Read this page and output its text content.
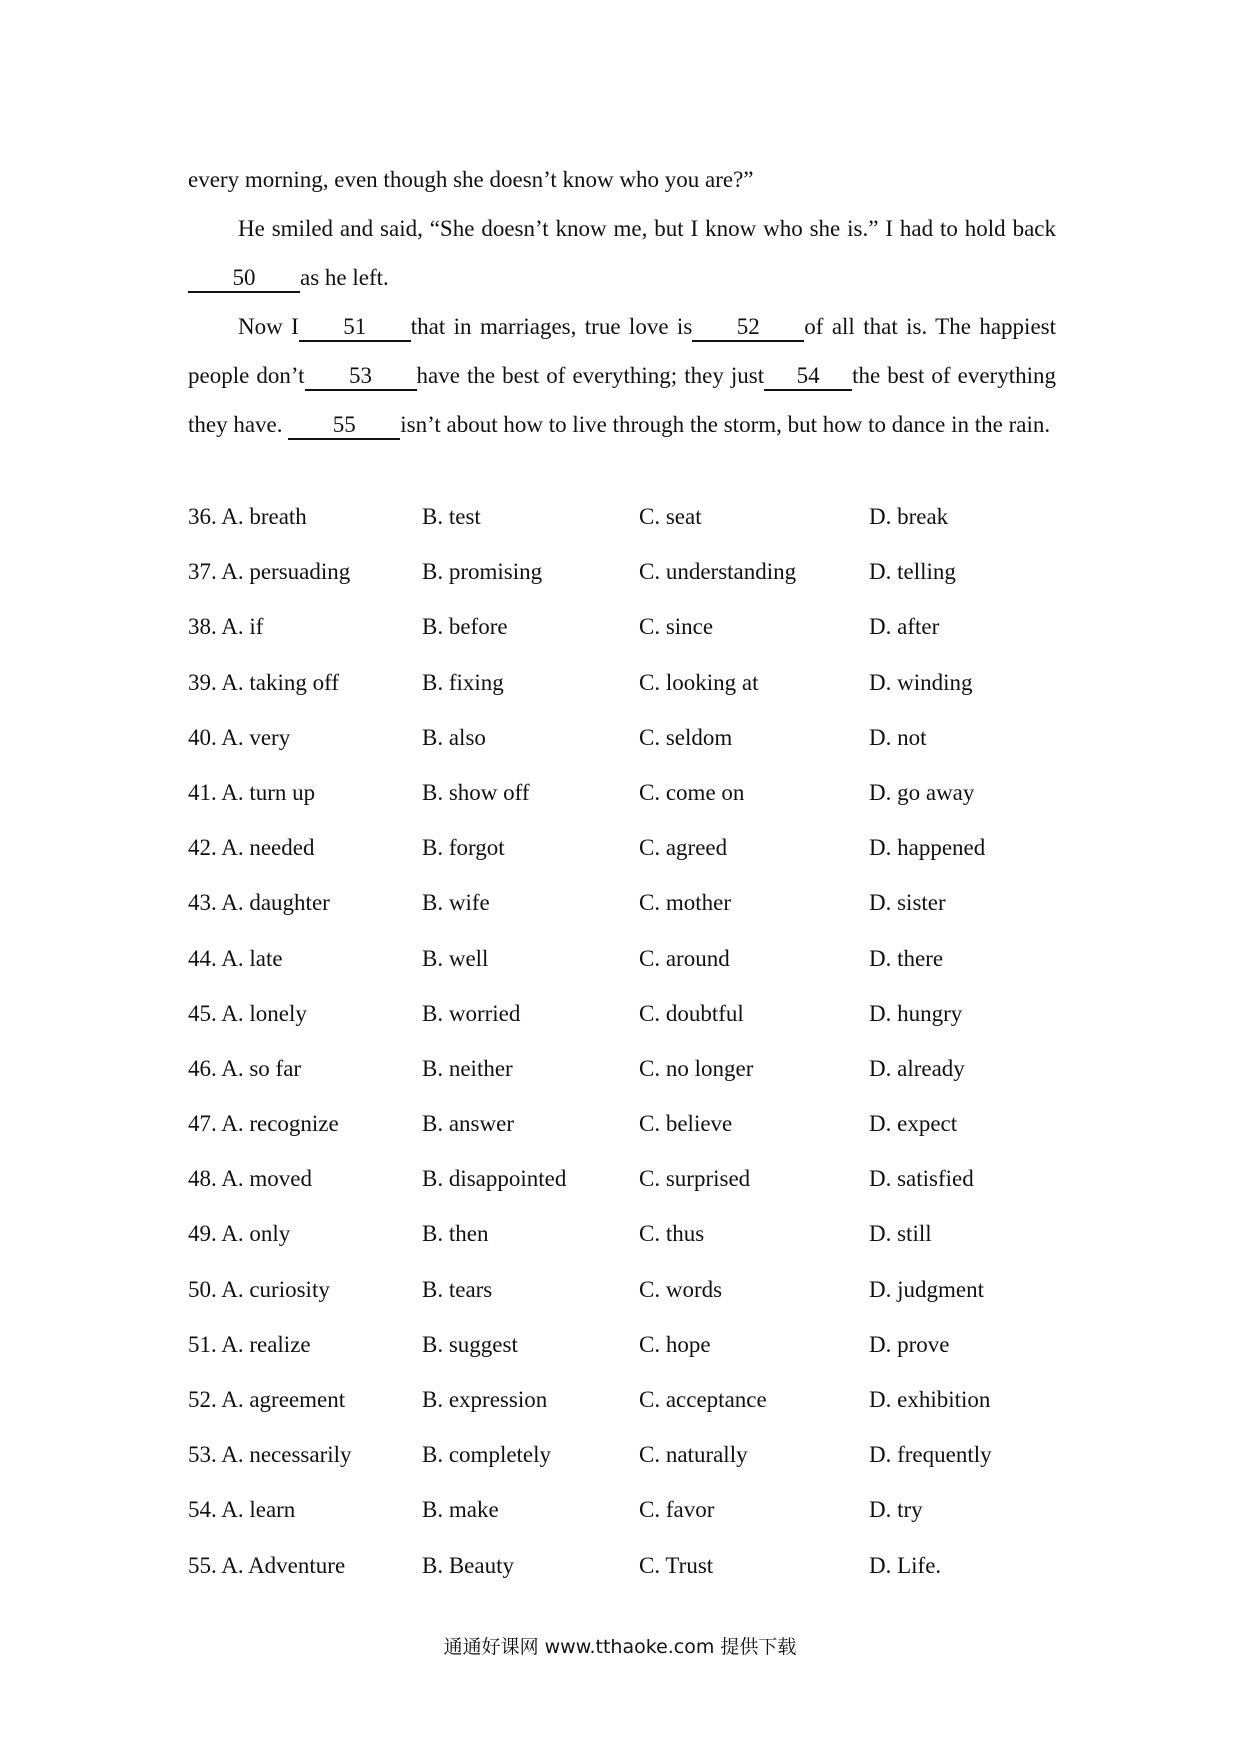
every morning, even though she doesn’t know who you are?”

He smiled and said, “She doesn’t know me, but I know who she is.” I had to hold back50 as he left.

Now I 51 that in marriages, true love is 52 of all that is. The happiest people don’t 53 have the best of everything; they just 54 the best of everything they have. 55 isn’t about how to live through the storm, but how to dance in the rain.

36. A. breath	B. test	C. seat	D. break
37. A. persuading	B. promising	C. understanding	D. telling
38. A. if	B. before	C. since	D. after
39. A. taking off	B. fixing	C. looking at	D. winding
40. A. very	B. also	C. seldom	D. not
41. A. turn up	B. show off	C. come on	D. go away
42. A. needed	B. forgot	C. agreed	D. happened
43. A. daughter	B. wife	C. mother	D. sister
44. A. late	B. well	C. around	D. there
45. A. lonely	B. worried	C. doubtful	D. hungry
46. A. so far	B. neither	C. no longer	D. already
47. A. recognize	B. answer	C. believe	D. expect
48. A. moved	B. disappointed	C. surprised	D. satisfied
49. A. only	B. then	C. thus	D. still
50. A. curiosity	B. tears	C. words	D. judgment
51. A. realize	B. suggest	C. hope	D. prove
52. A. agreement	B. expression	C. acceptance	D. exhibition
53. A. necessarily	B. completely	C. naturally	D. frequently
54. A. learn	B. make	C. favor	D. try
55. A. Adventure	B. Beauty	C. Trust	D. Life.
通通好课网 www.tthaoke.com 提供下载
